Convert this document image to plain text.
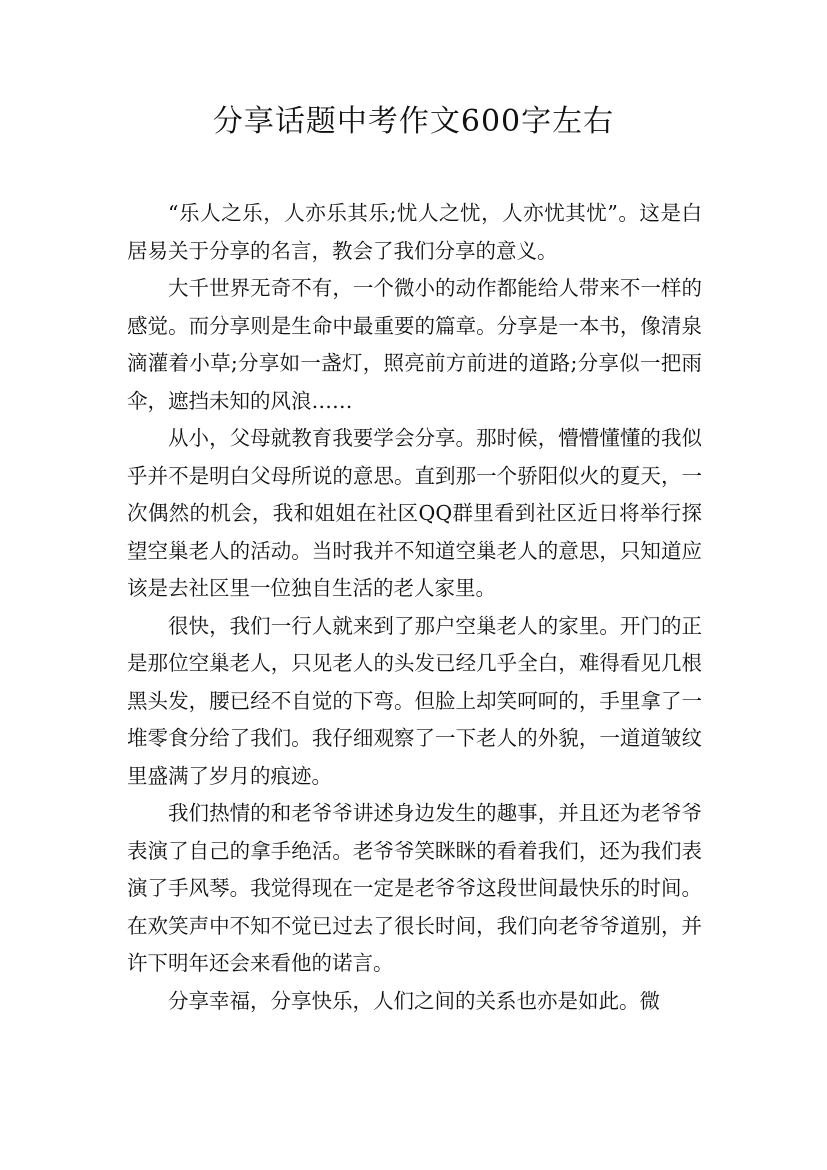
分享话题中考作文600字左右

“乐人之乐，人亦乐其乐;忧人之忧，人亦忧其忧”。这是白居易关于分享的名言，教会了我们分享的意义。

大千世界无奇不有，一个微小的动作都能给人带来不一样的感觉。而分享则是生命中最重要的篇章。分享是一本书，像清泉滴灌着小草;分享如一盏灯，照亮前方前进的道路;分享似一把雨伞，遮挡未知的风浪……

从小，父母就教育我要学会分享。那时候，懵懵懂懂的我似乎并不是明白父母所说的意思。直到那一个骄阳似火的夏天，一次偶然的机会，我和姐姐在社区QQ群里看到社区近日将举行探望空巢老人的活动。当时我并不知道空巢老人的意思，只知道应该是去社区里一位独自生活的老人家里。

很快，我们一行人就来到了那户空巢老人的家里。开门的正是那位空巢老人，只见老人的头发已经几乎全白，难得看见几根黑头发，腰已经不自觉的下弯。但脸上却笑呵呵的，手里拿了一堆零食分给了我们。我仔细观察了一下老人的外貌，一道道皱纹里盛满了岁月的痕迹。

我们热情的和老爷爷讲述身边发生的趣事，并且还为老爷爷表演了自己的拿手绝活。老爷爷笑眯眯的看着我们，还为我们表演了手风琴。我觉得现在一定是老爷爷这段世间最快乐的时间。在欢笑声中不知不觉已过去了很长时间，我们向老爷爷道别，并许下明年还会来看他的诺言。

分享幸福，分享快乐，人们之间的关系也亦是如此。微
